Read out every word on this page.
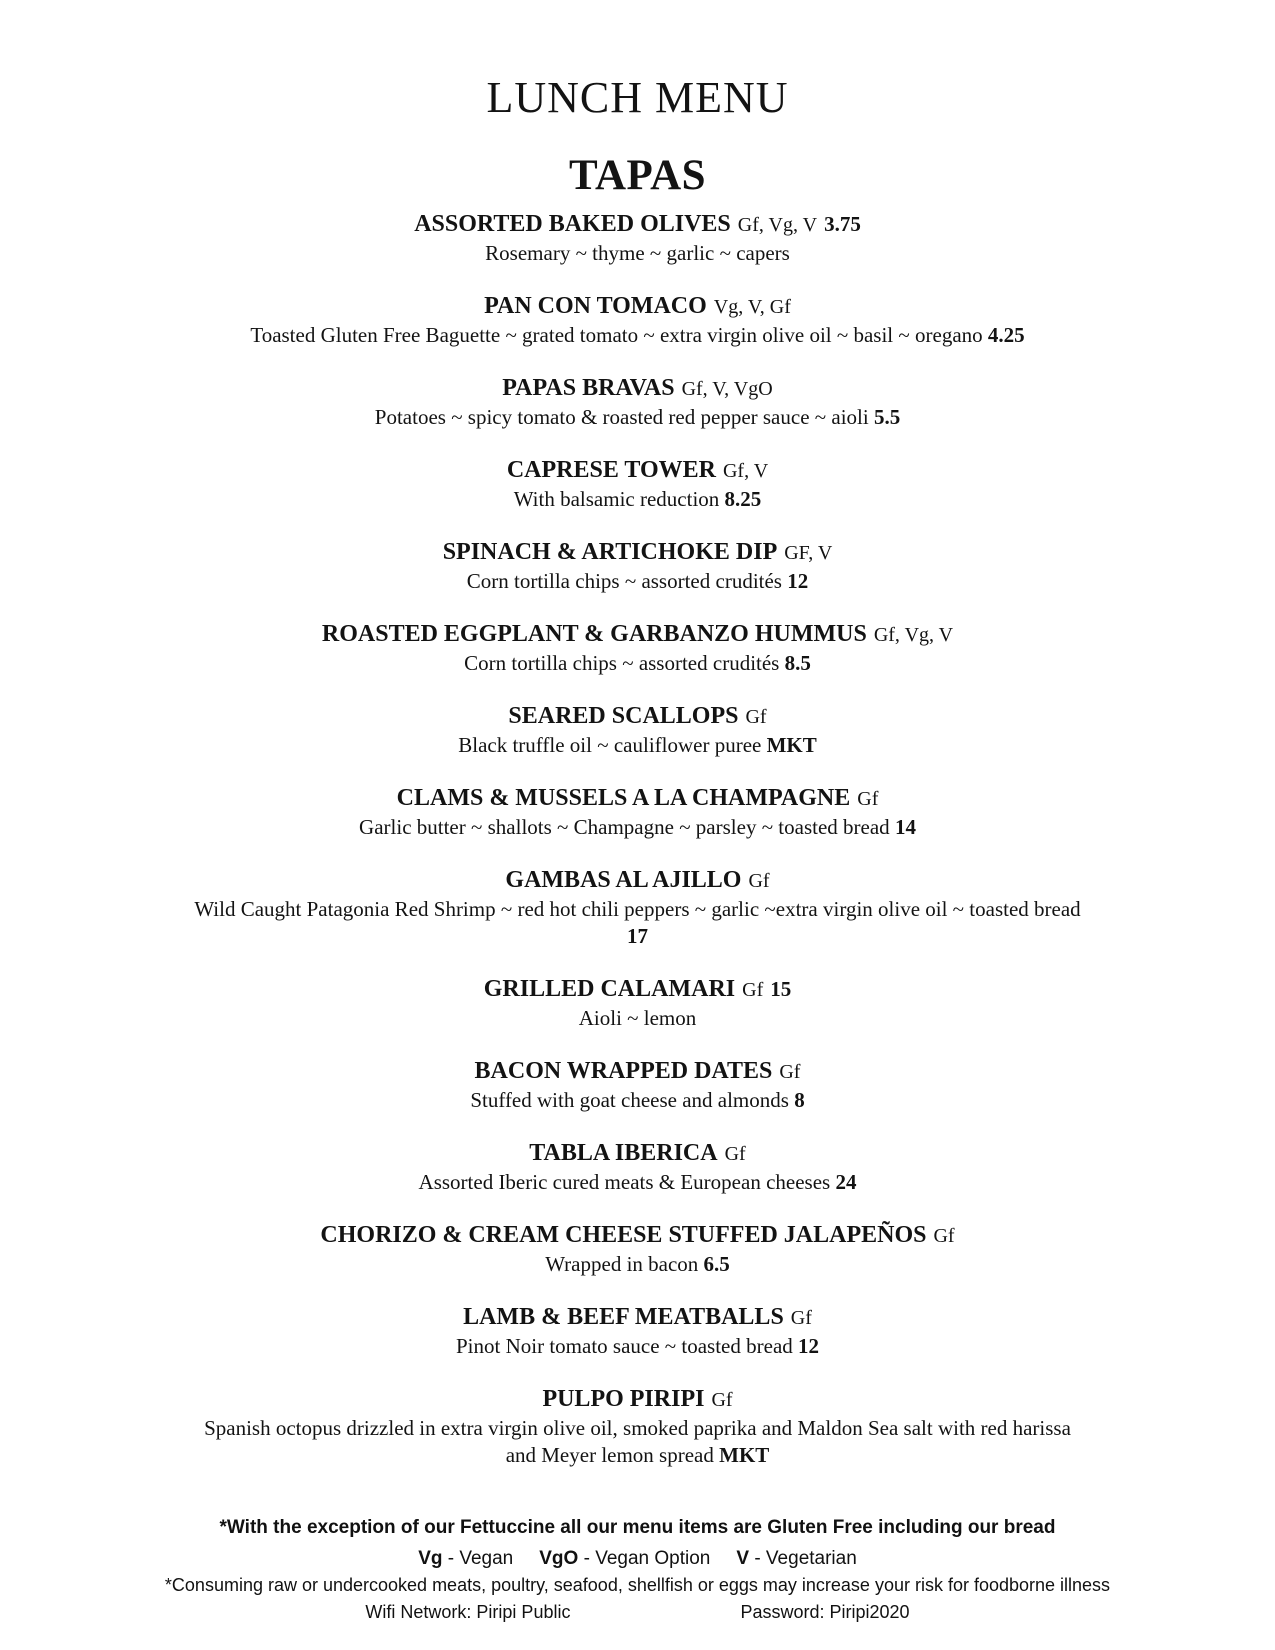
LUNCH MENU
TAPAS
ASSORTED BAKED OLIVES Gf, Vg, V 3.75
Rosemary ~ thyme ~ garlic ~ capers
PAN CON TOMACO Vg, V, Gf
Toasted Gluten Free Baguette ~ grated tomato ~ extra virgin olive oil ~ basil ~ oregano 4.25
PAPAS BRAVAS Gf, V, VgO
Potatoes ~ spicy tomato & roasted red pepper sauce ~ aioli 5.5
CAPRESE TOWER Gf, V
With balsamic reduction 8.25
SPINACH & ARTICHOKE DIP GF, V
Corn tortilla chips ~ assorted crudités 12
ROASTED EGGPLANT & GARBANZO HUMMUS Gf, Vg, V
Corn tortilla chips ~ assorted crudités 8.5
SEARED SCALLOPS Gf
Black truffle oil ~ cauliflower puree MKT
CLAMS & MUSSELS A LA CHAMPAGNE Gf
Garlic butter ~ shallots ~ Champagne ~ parsley ~ toasted bread 14
GAMBAS AL AJILLO Gf
Wild Caught Patagonia Red Shrimp ~ red hot chili peppers ~ garlic ~extra virgin olive oil ~ toasted bread
17
GRILLED CALAMARI Gf 15
Aioli ~ lemon
BACON WRAPPED DATES Gf
Stuffed with goat cheese and almonds 8
TABLA IBERICA Gf
Assorted Iberic cured meats & European cheeses 24
CHORIZO & CREAM CHEESE STUFFED JALAPEÑOS Gf
Wrapped in bacon 6.5
LAMB & BEEF MEATBALLS Gf
Pinot Noir tomato sauce ~ toasted bread 12
PULPO PIRIPI Gf
Spanish octopus drizzled in extra virgin olive oil, smoked paprika and Maldon Sea salt with red harissa
and Meyer lemon spread MKT
*With the exception of our Fettuccine all our menu items are Gluten Free including our bread
Vg - Vegan VgO - Vegan Option V - Vegetarian
*Consuming raw or undercooked meats, poultry, seafood, shellfish or eggs may increase your risk for foodborne illness
Wifi Network: Piripi Public	Password: Piripi2020
